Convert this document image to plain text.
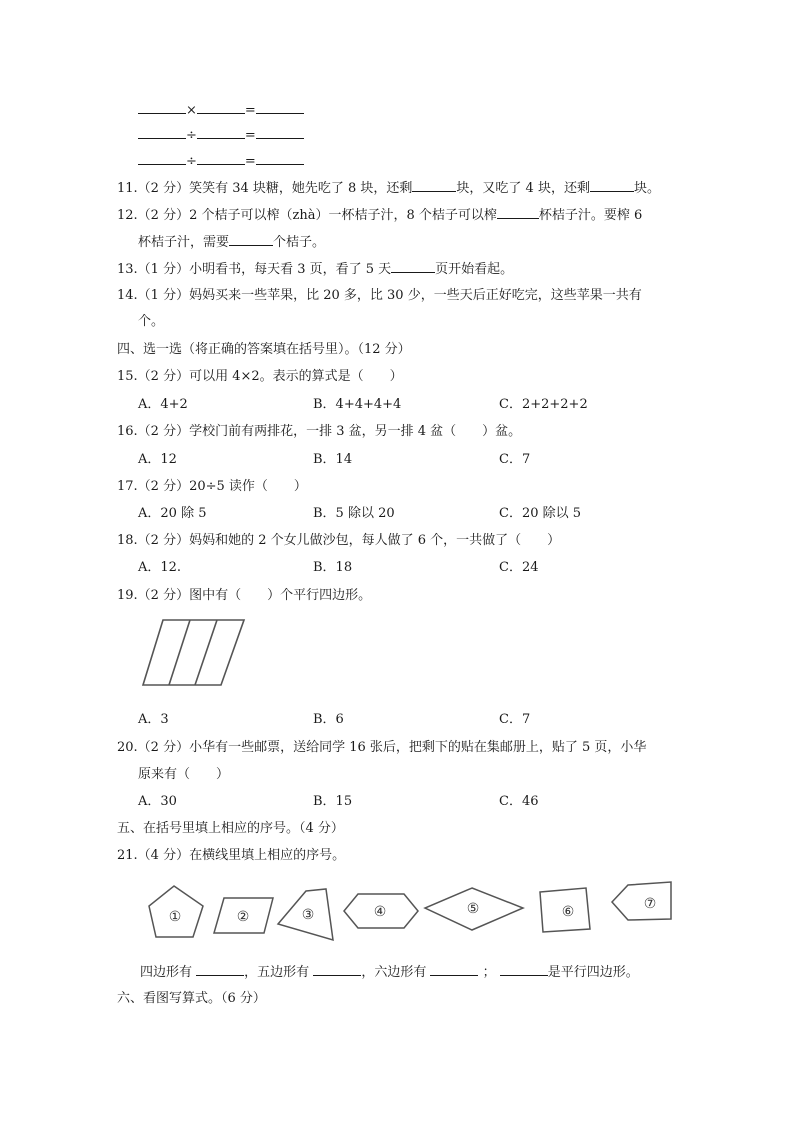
×	=
÷	=
÷	=
11.（2 分）笑笑有 34 块糖，她先吃了 8 块，还剩	块，又吃了 4 块，还剩	块。
12.（2 分）2 个桔子可以榨（zhà）一杯桔子汁，8 个桔子可以榨	杯桔子汁。要榨 6
杯桔子汁，需要	个桔子。
13.（1 分）小明看书，每天看 3 页，看了 5 天	页开始看起。
14.（1 分）妈妈买来一些苹果，比 20 多，比 30 少，一些天后正好吃完，这些苹果一共有
个。
四、选一选（将正确的答案填在括号里）。（12 分）
15.（2 分）可以用 4×2。表示的算式是（　　）
A．4+2	B．4+4+4+4	C．2+2+2+2
16.（2 分）学校门前有两排花，一排 3 盆，另一排 4 盆（　　）盆。
A．12	B．14	C．7
17.（2 分）20÷5 读作（　　）
A．20 除 5	B．5 除以 20	C．20 除以 5
18.（2 分）妈妈和她的 2 个女儿做沙包，每人做了 6 个，一共做了（　　）
A．12.	B．18	C．24
19.（2 分）图中有（　　）个平行四边形。
A．3	B．6	C．7
20.（2 分）小华有一些邮票，送给同学 16 张后，把剩下的贴在集邮册上，贴了 5 页，小华
原来有（　　）
A．30	B．15	C．46
五、在括号里填上相应的序号。（4 分）
21.（4 分）在横线里填上相应的序号。
①	②	③	④	⑤	⑥	⑦
四边形有	，五边形有	，六边形有	；	是平行四边形。
六、看图写算式。（6 分）
